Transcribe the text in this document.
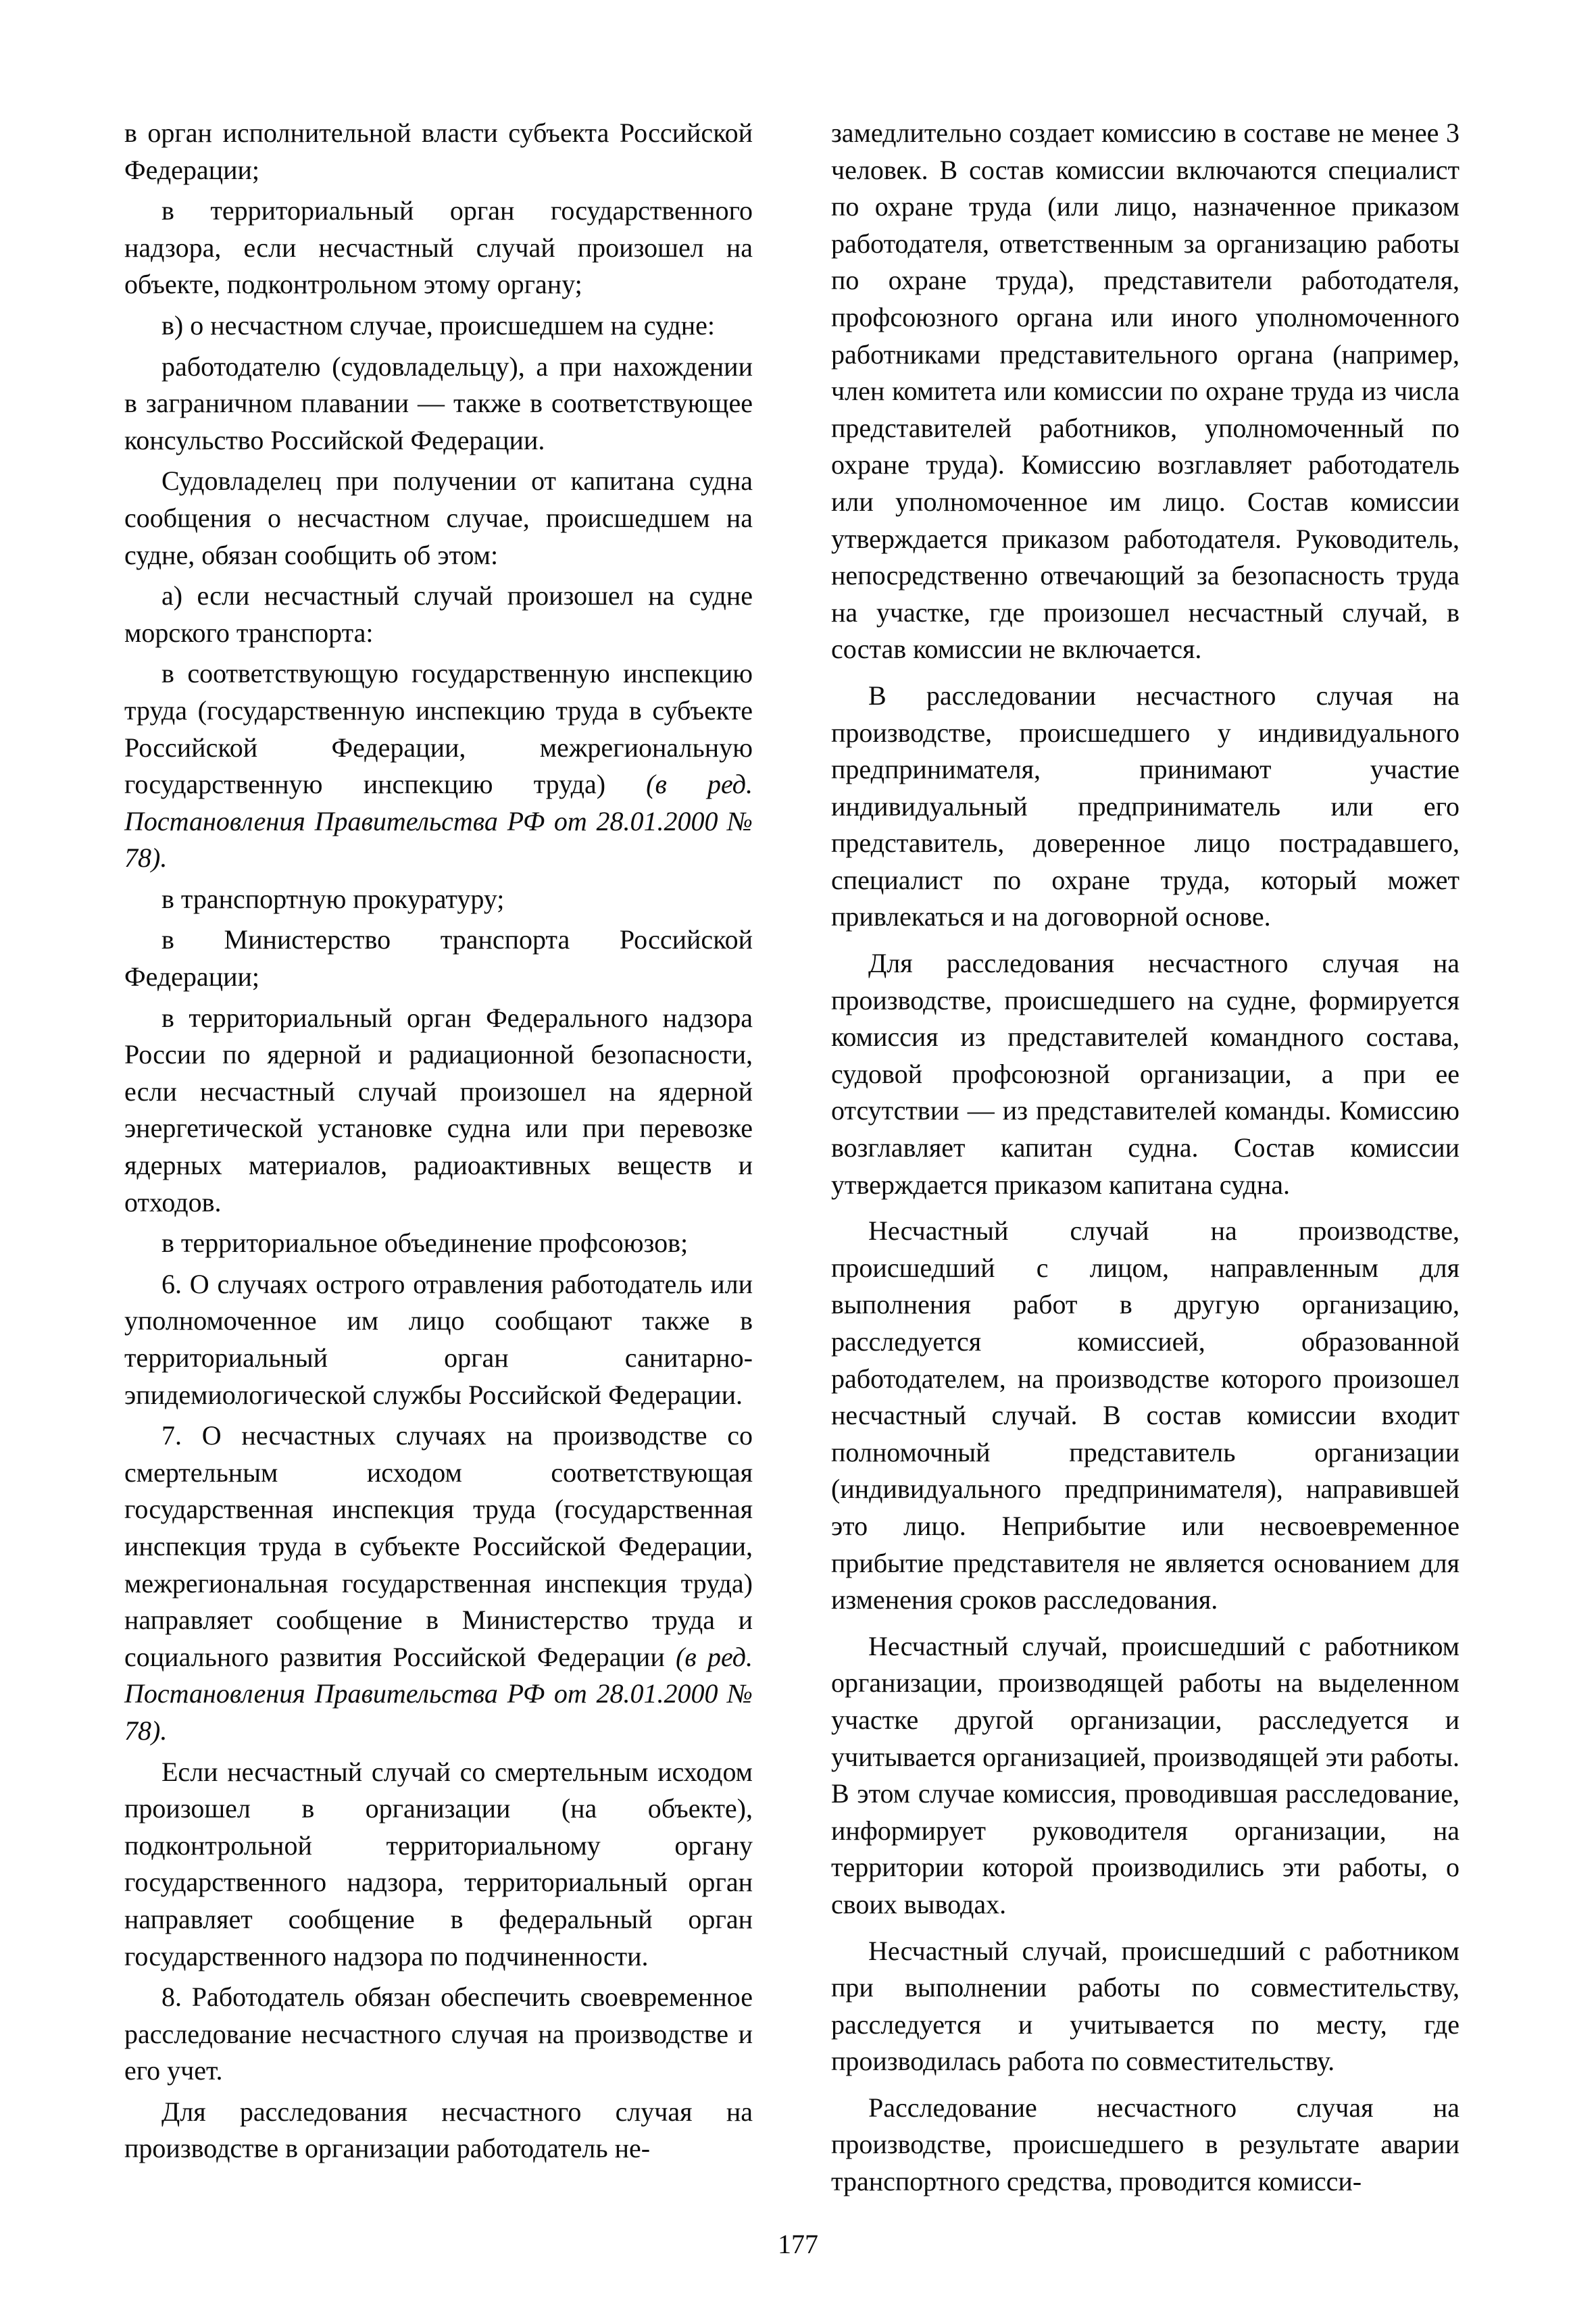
в орган исполнительной власти субъекта Российской Федерации;

в территориальный орган государственного надзора, если несчастный случай произошел на объекте, подконтрольном этому органу;

в) о несчастном случае, происшедшем на судне:

работодателю (судовладельцу), а при нахождении в заграничном плавании — также в соответствующее консульство Российской Федерации.

Судовладелец при получении от капитана судна сообщения о несчастном случае, происшедшем на судне, обязан сообщить об этом:

а) если несчастный случай произошел на судне морского транспорта:

в соответствующую государственную инспекцию труда (государственную инспекцию труда в субъекте Российской Федерации, межрегиональную государственную инспекцию труда) (в ред. Постановления Правительства РФ от 28.01.2000 № 78).

в транспортную прокуратуру;

в Министерство транспорта Российской Федерации;

в территориальный орган Федерального надзора России по ядерной и радиационной безопасности, если несчастный случай произошел на ядерной энергетической установке судна или при перевозке ядерных материалов, радиоактивных веществ и отходов.

в территориальное объединение профсоюзов;

6. О случаях острого отравления работодатель или уполномоченное им лицо сообщают также в территориальный орган санитарно-эпидемиологической службы Российской Федерации.

7. О несчастных случаях на производстве со смертельным исходом соответствующая государственная инспекция труда (государственная инспекция труда в субъекте Российской Федерации, межрегиональная государственная инспекция труда) направляет сообщение в Министерство труда и социального развития Российской Федерации (в ред. Постановления Правительства РФ от 28.01.2000 № 78).

Если несчастный случай со смертельным исходом произошел в организации (на объекте), подконтрольной территориальному органу государственного надзора, территориальный орган направляет сообщение в федеральный орган государственного надзора по подчиненности.

8. Работодатель обязан обеспечить своевременное расследование несчастного случая на производстве и его учет.

Для расследования несчастного случая на производстве в организации работодатель не-

замедлительно создает комиссию в составе не менее 3 человек. В состав комиссии включаются специалист по охране труда (или лицо, назначенное приказом работодателя, ответственным за организацию работы по охране труда), представители работодателя, профсоюзного органа или иного уполномоченного работниками представительного органа (например, член комитета или комиссии по охране труда из числа представителей работников, уполномоченный по охране труда). Комиссию возглавляет работодатель или уполномоченное им лицо. Состав комиссии утверждается приказом работодателя. Руководитель, непосредственно отвечающий за безопасность труда на участке, где произошел несчастный случай, в состав комиссии не включается.

В расследовании несчастного случая на производстве, происшедшего у индивидуального предпринимателя, принимают участие индивидуальный предприниматель или его представитель, доверенное лицо пострадавшего, специалист по охране труда, который может привлекаться и на договорной основе.

Для расследования несчастного случая на производстве, происшедшего на судне, формируется комиссия из представителей командного состава, судовой профсоюзной организации, а при ее отсутствии — из представителей команды. Комиссию возглавляет капитан судна. Состав комиссии утверждается приказом капитана судна.

Несчастный случай на производстве, происшедший с лицом, направленным для выполнения работ в другую организацию, расследуется комиссией, образованной работодателем, на производстве которого произошел несчастный случай. В состав комиссии входит полномочный представитель организации (индивидуального предпринимателя), направившей это лицо. Неприбытие или несвоевременное прибытие представителя не является основанием для изменения сроков расследования.

Несчастный случай, происшедший с работником организации, производящей работы на выделенном участке другой организации, расследуется и учитывается организацией, производящей эти работы. В этом случае комиссия, проводившая расследование, информирует руководителя организации, на территории которой производились эти работы, о своих выводах.

Несчастный случай, происшедший с работником при выполнении работы по совместительству, расследуется и учитывается по месту, где производилась работа по совместительству.

Расследование несчастного случая на производстве, происшедшего в результате аварии транспортного средства, проводится комисси-

177
